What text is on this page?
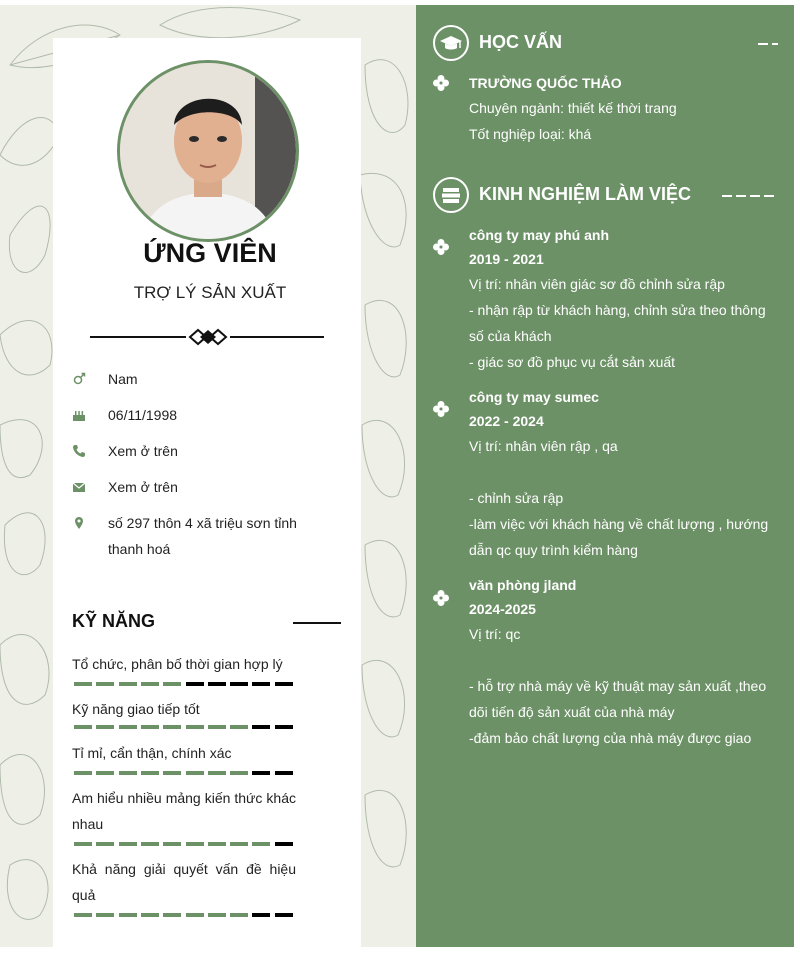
ỨNG VIÊN
TRỢ LÝ SẢN XUẤT
Nam
06/11/1998
Xem ở trên
Xem ở trên
số 297 thôn 4 xã triệu sơn tỉnh thanh hoá
KỸ NĂNG
Tổ chức, phân bố thời gian hợp lý
Kỹ năng giao tiếp tốt
Tỉ mỉ, cẩn thận, chính xác
Am hiểu nhiều mảng kiến thức khác nhau
Khả năng giải quyết vấn đề hiệu quả
HỌC VẤN
TRƯỜNG QUỐC THẢO
Chuyên ngành: thiết kế thời trang
Tốt nghiệp loại: khá
KINH NGHIỆM LÀM VIỆC
công ty may phú anh
2019 - 2021
Vị trí: nhân viên giác sơ đồ chỉnh sửa rập
- nhận rập từ khách hàng, chỉnh sửa theo thông
số của khách
- giác sơ đồ phục vụ cắt sản xuất
công ty may sumec
2022 - 2024
Vị trí: nhân viên rập , qa
- chỉnh sửa rập
-làm việc với khách hàng về chất lượng , hướng
dẫn qc quy trình kiểm hàng
văn phòng jland
2024-2025
Vị trí: qc
- hỗ trợ nhà máy về kỹ thuật may sản xuất ,theo
dõi tiến độ sản xuất của nhà máy
-đảm bảo chất lượng của nhà máy được giao
